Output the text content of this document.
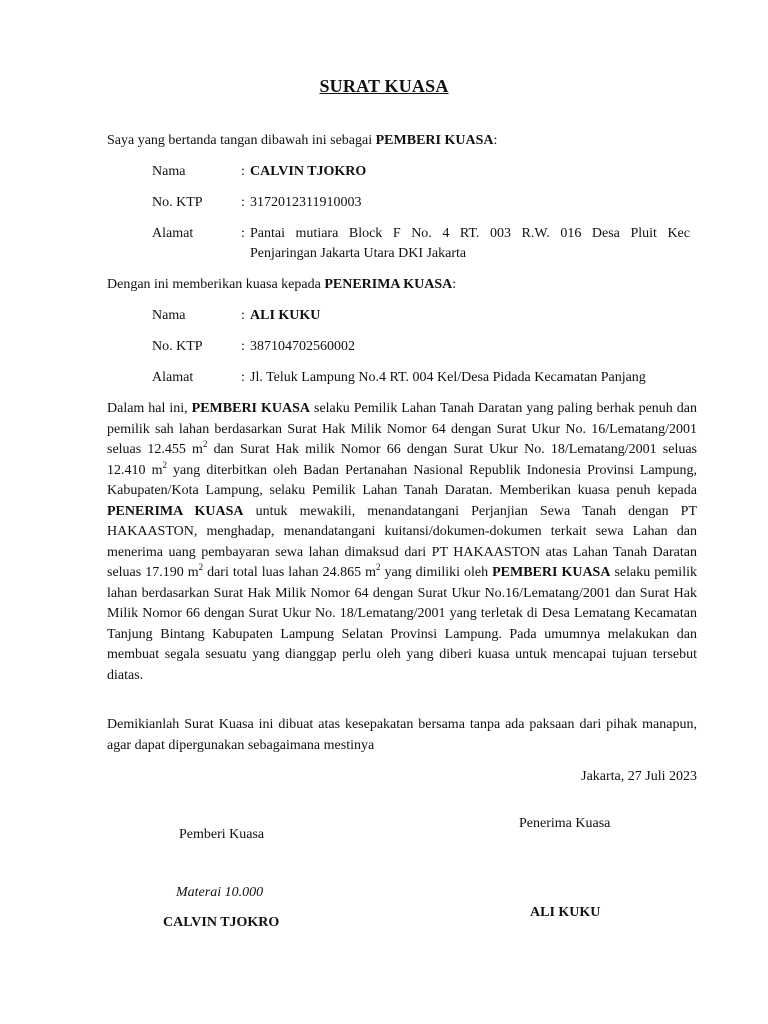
SURAT KUASA
Saya yang bertanda tangan dibawah ini sebagai PEMBERI KUASA:
Nama	: CALVIN TJOKRO
No. KTP	: 3172012311910003
Alamat	: Pantai mutiara Block F No. 4 RT. 003 R.W. 016 Desa Pluit Kec
Penjaringan Jakarta Utara DKI Jakarta
Dengan ini memberikan kuasa kepada PENERIMA KUASA:
Nama	: ALI KUKU
No. KTP	: 387104702560002
Alamat	: Jl. Teluk Lampung No.4 RT. 004 Kel/Desa Pidada Kecamatan Panjang
Dalam hal ini, PEMBERI KUASA selaku Pemilik Lahan Tanah Daratan yang paling berhak penuh dan pemilik sah lahan berdasarkan Surat Hak Milik Nomor 64 dengan Surat Ukur No. 16/Lematang/2001 seluas 12.455 $m^2$ dan Surat Hak milik Nomor 66 dengan Surat Ukur No. 18/Lematang/2001 seluas 12.410 $m^2$ yang diterbitkan oleh Badan Pertanahan Nasional Republik Indonesia Provinsi Lampung, Kabupaten/Kota Lampung, selaku Pemilik Lahan Tanah Daratan. Memberikan kuasa penuh kepada PENERIMA KUASA untuk mewakili, menandatangani Perjanjian Sewa Tanah dengan PT HAKAASTON, menghadap, menandatangani kuitansi/dokumen-dokumen terkait sewa Lahan dan menerima uang pembayaran sewa lahan dimaksud dari PT HAKAASTON atas Lahan Tanah Daratan seluas 17.190 $m^2$ dari total luas lahan 24.865 $m^2$ yang dimiliki oleh PEMBERI KUASA selaku pemilik lahan berdasarkan Surat Hak Milik Nomor 64 dengan Surat Ukur No.16/Lematang/2001 dan Surat Hak Milik Nomor 66 dengan Surat Ukur No. 18/Lematang/2001 yang terletak di Desa Lematang Kecamatan Tanjung Bintang Kabupaten Lampung Selatan Provinsi Lampung. Pada umumnya melakukan dan membuat segala sesuatu yang dianggap perlu oleh yang diberi kuasa untuk mencapai tujuan tersebut diatas.
Demikianlah Surat Kuasa ini dibuat atas kesepakatan bersama tanpa ada paksaan dari pihak manapun, agar dapat dipergunakan sebagaimana mestinya
Jakarta, 27 Juli 2023
Pemberi Kuasa
Penerima Kuasa
Materai 10.000
CALVIN TJOKRO
ALI KUKU
